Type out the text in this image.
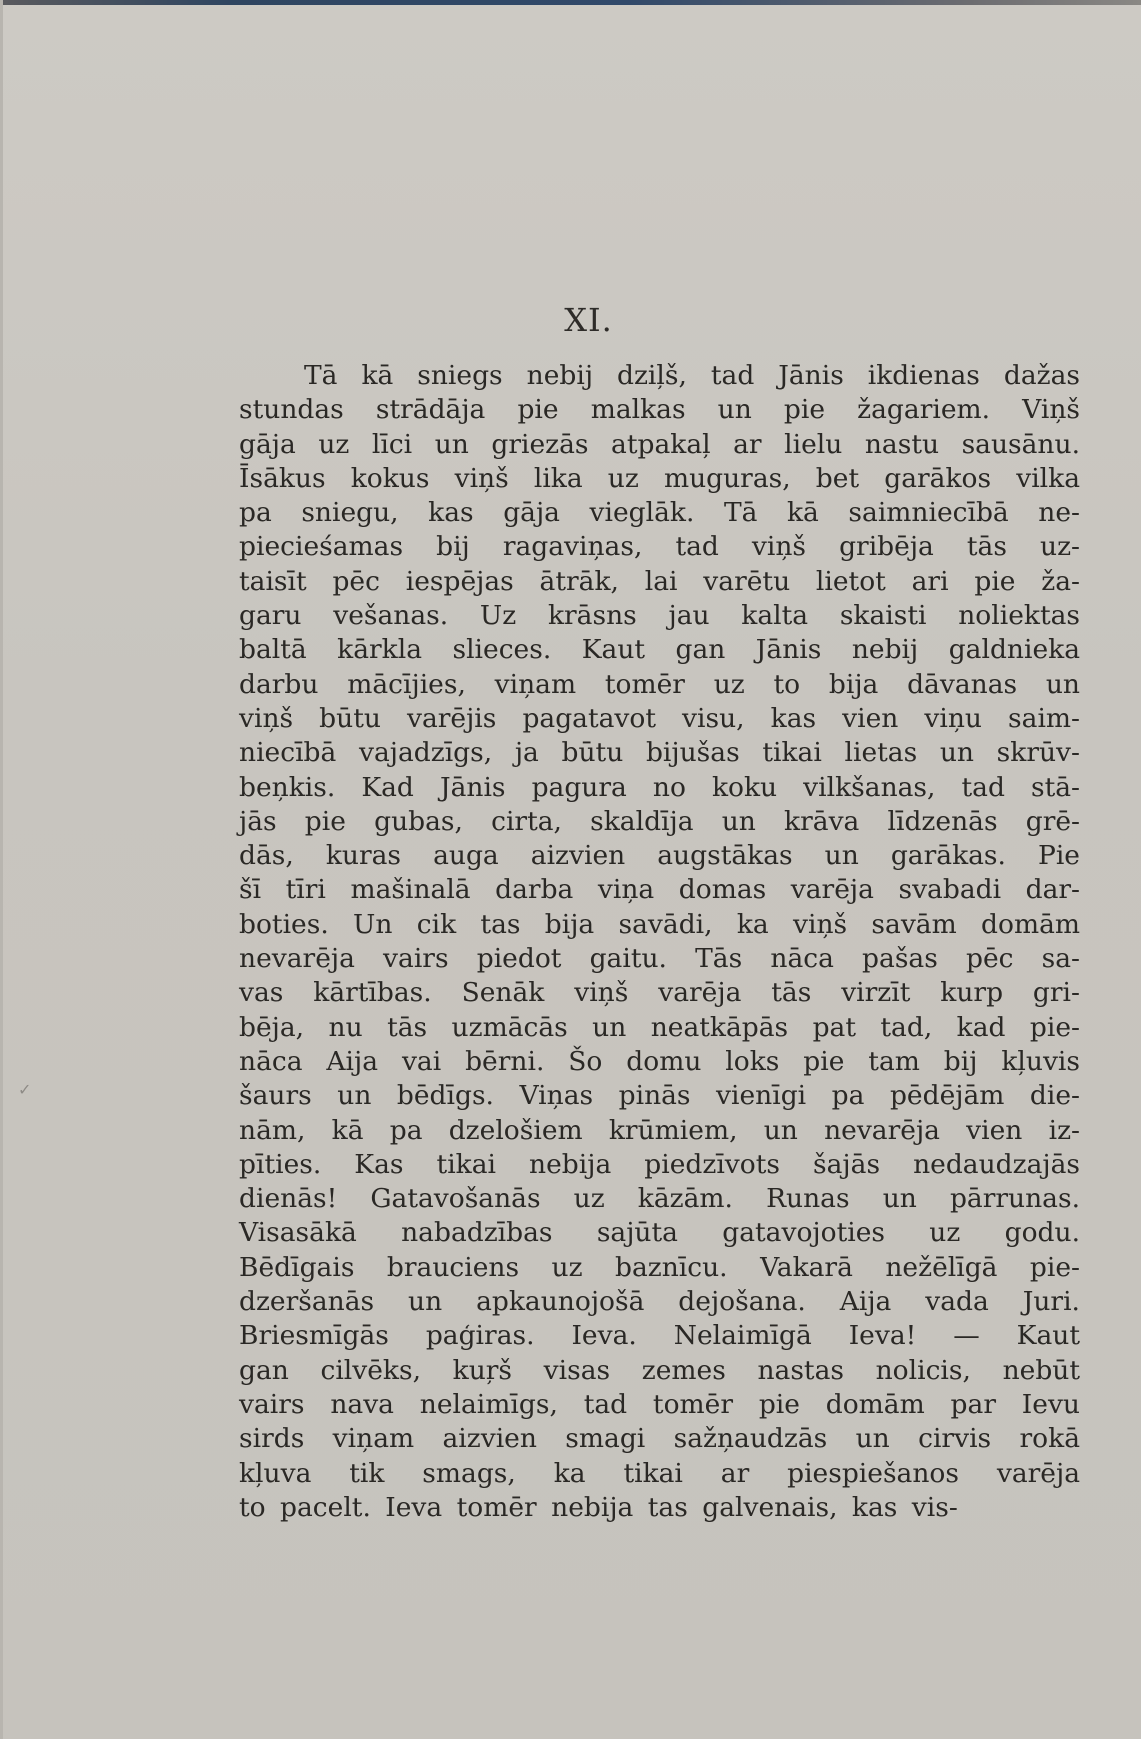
✓
XI.
Tā kā sniegs nebij dziļš, tad Jānis ikdienas dažas
stundas strādāja pie malkas un pie žagariem. Viņš
gāja uz līci un griezās atpakaļ ar lielu nastu sausānu.
Īsākus kokus viņš lika uz muguras, bet garākos vilka
pa sniegu, kas gāja vieglāk. Tā kā saimniecībā ne-
piecieśamas bij ragaviņas, tad viņš gribēja tās uz-
taisīt pēc iespējas ātrāk, lai varētu lietot ari pie ža-
garu vešanas. Uz krāsns jau kalta skaisti noliektas
baltā kārkla slieces. Kaut gan Jānis nebij galdnieka
darbu mācījies, viņam tomēr uz to bija dāvanas un
viņš būtu varējis pagatavot visu, kas vien viņu saim-
niecībā vajadzīgs, ja būtu bijušas tikai lietas un skrūv-
beņkis. Kad Jānis pagura no koku vilkšanas, tad stā-
jās pie gubas, cirta, skaldīja un krāva līdzenās grē-
dās, kuras auga aizvien augstākas un garākas. Pie
šī tīri mašinalā darba viņa domas varēja svabadi dar-
boties. Un cik tas bija savādi, ka viņš savām domām
nevarēja vairs piedot gaitu. Tās nāca pašas pēc sa-
vas kārtības. Senāk viņš varēja tās virzīt kurp gri-
bēja, nu tās uzmācās un neatkāpās pat tad, kad pie-
nāca Aija vai bērni. Šo domu loks pie tam bij kļuvis
šaurs un bēdīgs. Viņas pinās vienīgi pa pēdējām die-
nām, kā pa dzelošiem krūmiem, un nevarēja vien iz-
pīties. Kas tikai nebija piedzīvots šajās nedaudzajās
dienās! Gatavošanās uz kāzām. Runas un pārrunas.
Visasākā nabadzības sajūta gatavojoties uz godu.
Bēdīgais brauciens uz baznīcu. Vakarā nežēlīgā pie-
dzeršanās un apkaunojošā dejošana. Aija vada Juri.
Briesmīgās paģiras. Ieva. Nelaimīgā Ieva! — Kaut
gan cilvēks, kuŗš visas zemes nastas nolicis, nebūt
vairs nava nelaimīgs, tad tomēr pie domām par Ievu
sirds viņam aizvien smagi sažņaudzās un cirvis rokā
kļuva tik smags, ka tikai ar piespiešanos varēja
to pacelt. Ieva tomēr nebija tas galvenais, kas vis-
